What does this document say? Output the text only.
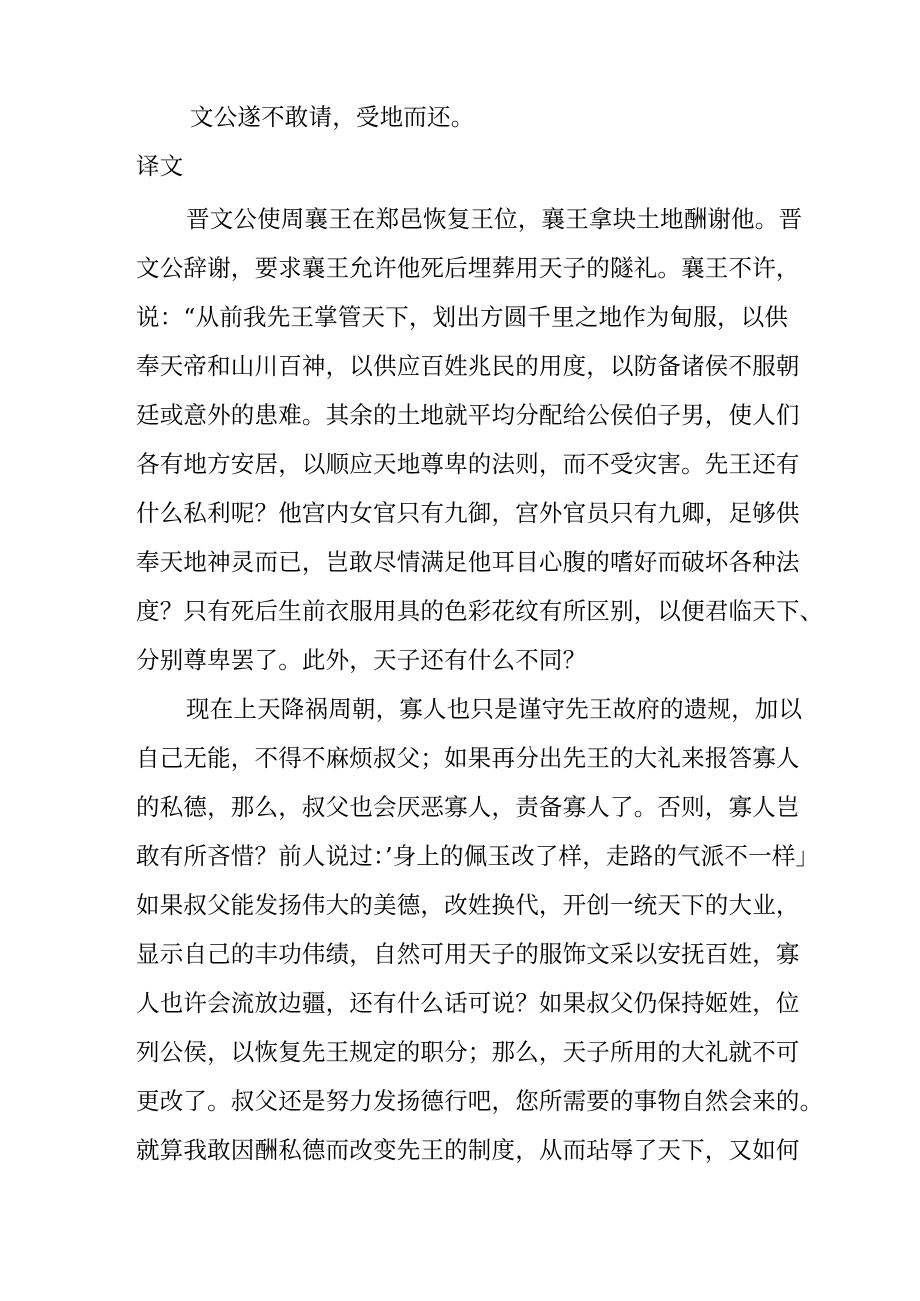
文公遂不敢请，受地而还。
译文
晋文公使周襄王在郑邑恢复王位，襄王拿块土地酬谢他。晋
文公辞谢，要求襄王允许他死后埋葬用天子的隧礼。襄王不许，
说：“从前我先王掌管天下，划出方圆千里之地作为甸服，以供
奉天帝和山川百神，以供应百姓兆民的用度，以防备诸侯不服朝
廷或意外的患难。其余的土地就平均分配给公侯伯子男，使人们
各有地方安居，以顺应天地尊卑的法则，而不受灾害。先王还有
什么私利呢？他宫内女官只有九御，宫外官员只有九卿，足够供
奉天地神灵而已，岂敢尽情满足他耳目心腹的嗜好而破坏各种法
度？只有死后生前衣服用具的色彩花纹有所区别，以便君临天下、
分别尊卑罢了。此外，天子还有什么不同？
现在上天降祸周朝，寡人也只是谨守先王故府的遗规，加以
自己无能，不得不麻烦叔父；如果再分出先王的大礼来报答寡人
的私德，那么，叔父也会厌恶寡人，责备寡人了。否则，寡人岂
敢有所吝惜？前人说过：’身上的佩玉改了样，走路的气派不一样」
如果叔父能发扬伟大的美德，改姓换代，开创一统天下的大业，
显示自己的丰功伟绩，自然可用天子的服饰文采以安抚百姓，寡
人也许会流放边疆，还有什么话可说？如果叔父仍保持姬姓，位
列公侯，以恢复先王规定的职分；那么，天子所用的大礼就不可
更改了。叔父还是努力发扬德行吧，您所需要的事物自然会来的。
就算我敢因酬私德而改变先王的制度，从而玷辱了天下，又如何
